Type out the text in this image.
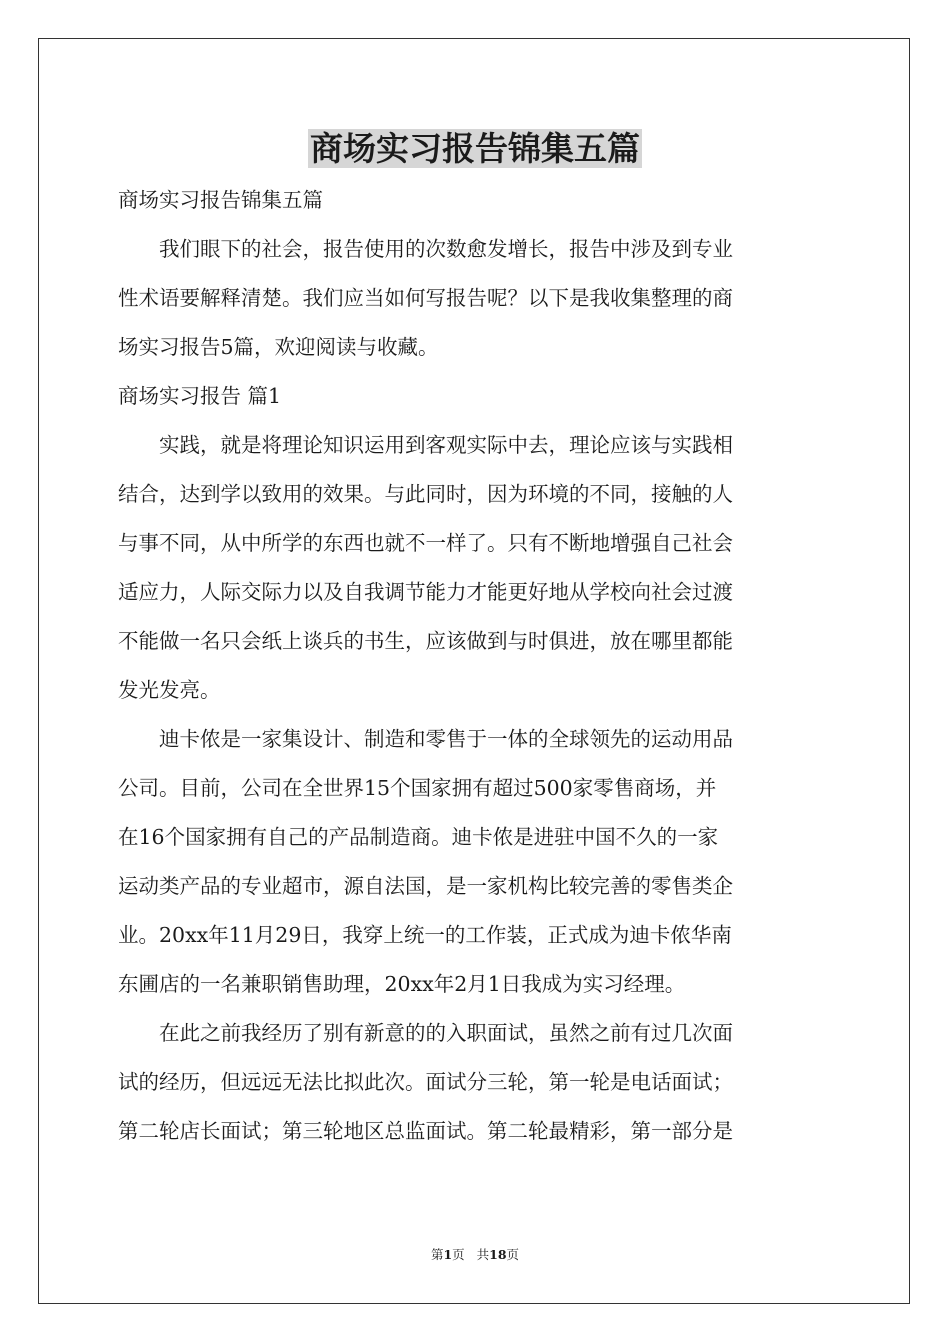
商场实习报告锦集五篇

商场实习报告锦集五篇

我们眼下的社会，报告使用的次数愈发增长，报告中涉及到专业

性术语要解释清楚。我们应当如何写报告呢？以下是我收集整理的商

场实习报告5篇，欢迎阅读与收藏。

商场实习报告 篇1

实践，就是将理论知识运用到客观实际中去，理论应该与实践相

结合，达到学以致用的效果。与此同时，因为环境的不同，接触的人

与事不同，从中所学的东西也就不一样了。只有不断地增强自己社会

适应力，人际交际力以及自我调节能力才能更好地从学校向社会过渡

不能做一名只会纸上谈兵的书生，应该做到与时俱进，放在哪里都能

发光发亮。

迪卡侬是一家集设计、制造和零售于一体的全球领先的运动用品

公司。目前，公司在全世界15个国家拥有超过500家零售商场，并

在16个国家拥有自己的产品制造商。迪卡侬是进驻中国不久的一家

运动类产品的专业超市，源自法国，是一家机构比较完善的零售类企

业。20xx年11月29日，我穿上统一的工作装，正式成为迪卡侬华南

东圃店的一名兼职销售助理，20xx年2月1日我成为实习经理。

在此之前我经历了别有新意的的入职面试，虽然之前有过几次面

试的经历，但远远无法比拟此次。面试分三轮，第一轮是电话面试；

第二轮店长面试；第三轮地区总监面试。第二轮最精彩，第一部分是

第1页 共18页
